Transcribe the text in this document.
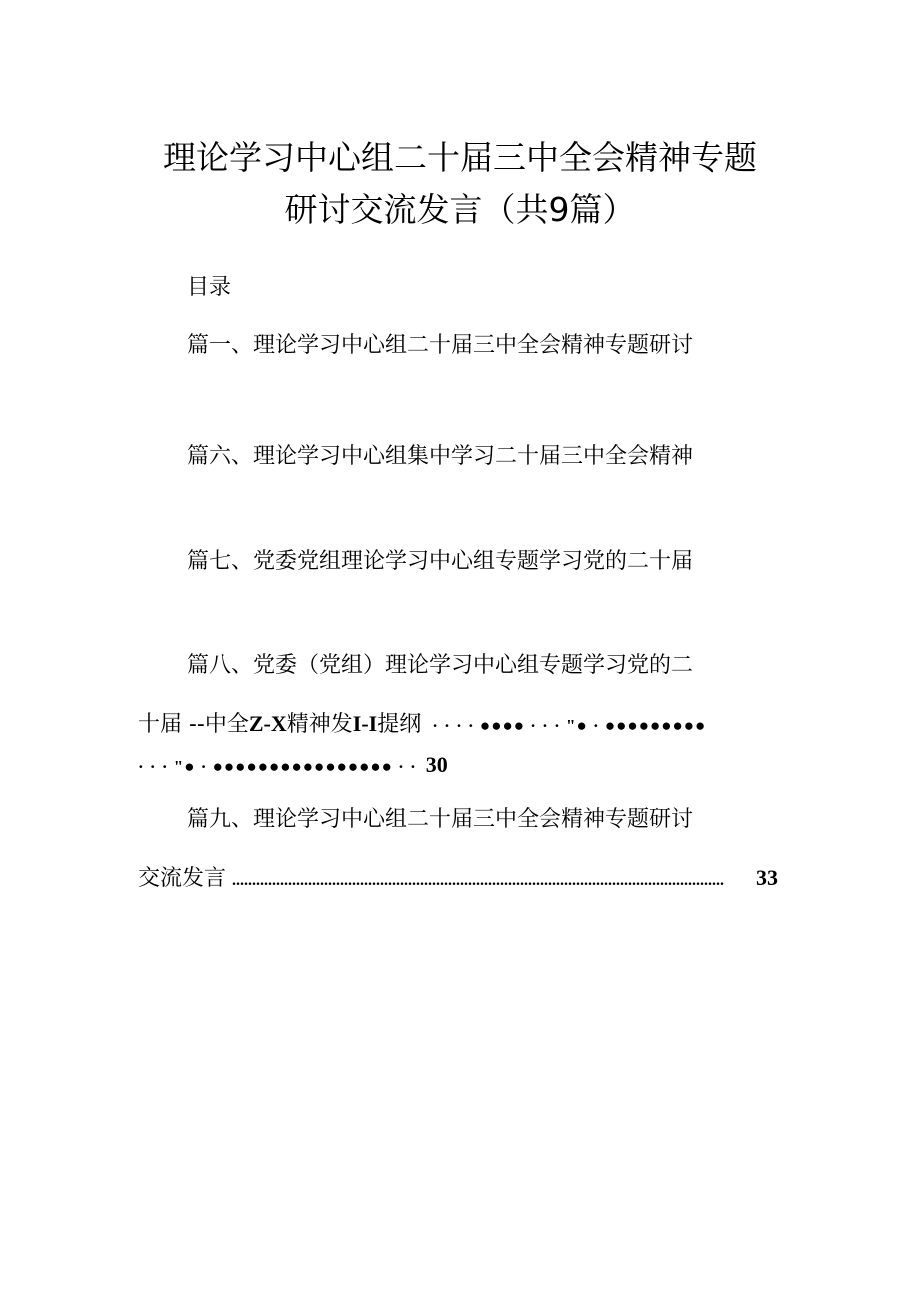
理论学习中心组二十届三中全会精神专题
研讨交流发言（共9篇）
目录
篇一、理论学习中心组二十届三中全会精神专题研讨
篇六、理论学习中心组集中学习二十届三中全会精神
篇七、党委党组理论学习中心组专题学习党的二十届
篇八、党委（党组）理论学习中心组专题学习党的二
十届 --中全Z-X精神发I-I提纲 · · · · ●●●● · · · "● · ●●●●●●●●●
· · · "● · ●●●●●●●●●●●●●●●● · · 30
篇九、理论学习中心组二十届三中全会精神专题研讨
交流发言 ...........................................................................................................................	33
